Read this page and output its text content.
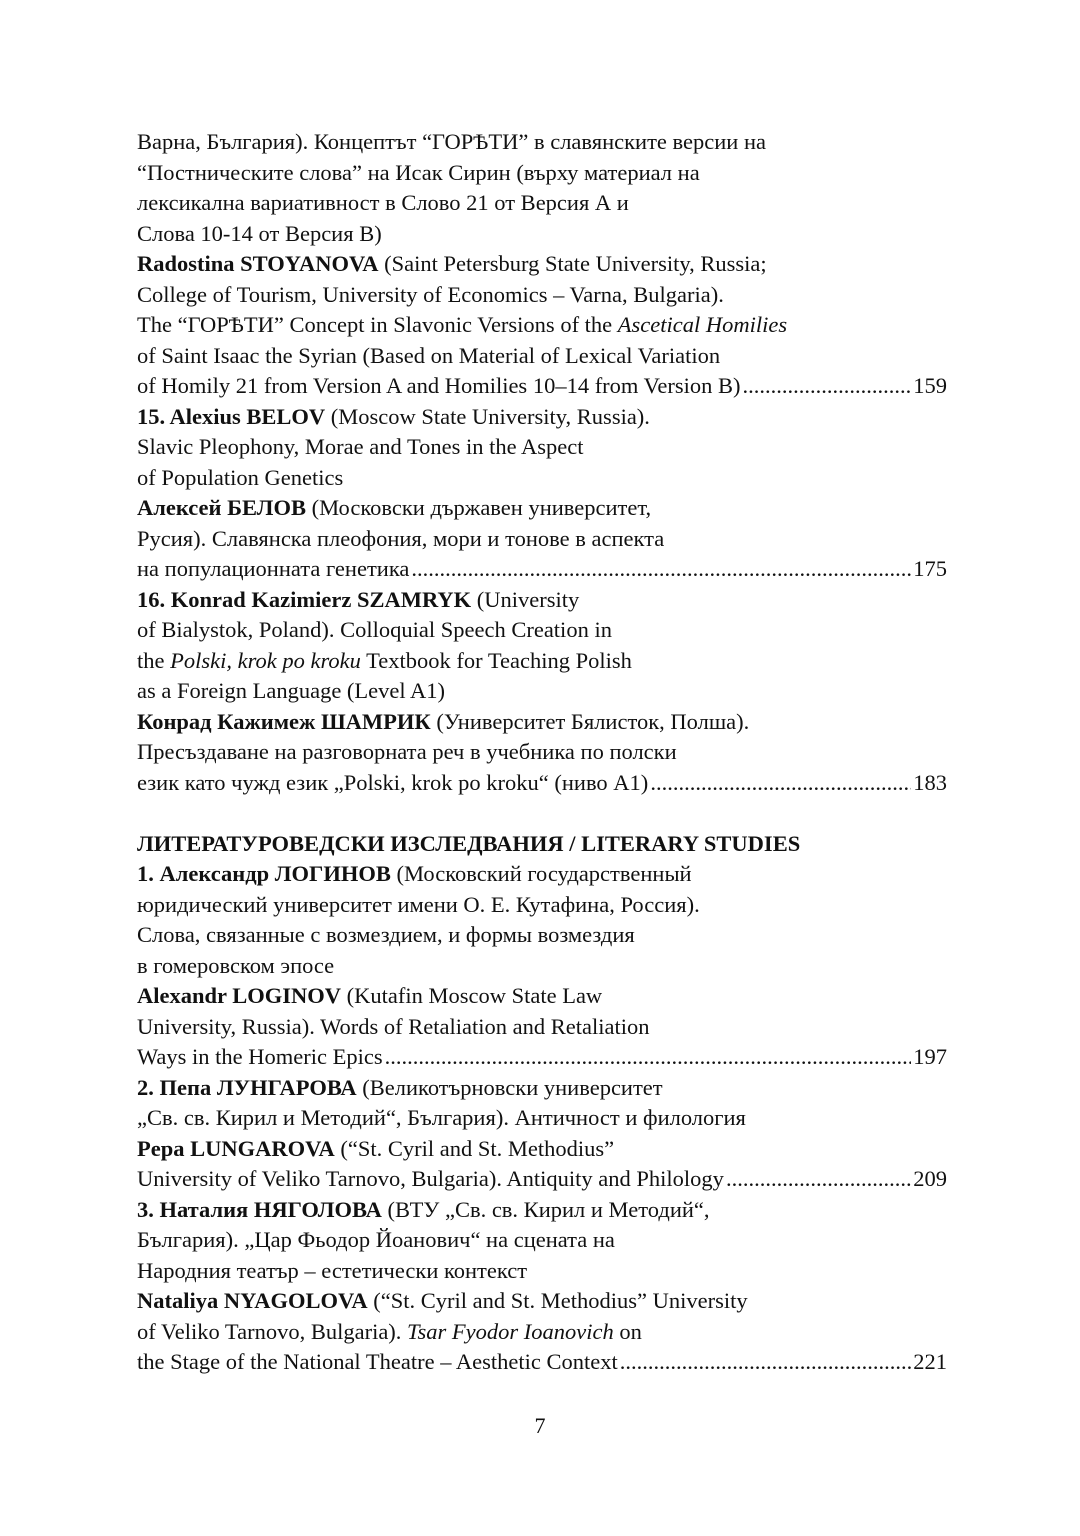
Варна, България). Концептът “ГОРѢТИ” в славянските версии на
“Постническите слова” на Исак Сирин (върху материал на
лексикална вариативност в Слово 21 от Версия А и
Слова 10-14 от Версия В)
Radostina STOYANOVA (Saint Petersburg State University, Russia;
College of Tourism, University of Economics – Varna, Bulgaria).
The “ГОРѢТИ” Concept in Slavonic Versions of the Ascetical Homilies
of Saint Isaac the Syrian (Based on Material of Lexical Variation
of Homily 21 from Version A and Homilies 10–14 from Version B) .....	159
15. Alexius BELOV (Moscow State University, Russia).
Slavic Pleophony, Morae and Tones in the Aspect
of Population Genetics
Алексей БЕЛОВ (Московски държавен университет,
Русия). Славянска плеофония, мори и тонове в аспекта
на популационната генетика .....	175
16. Konrad Kazimierz SZAMRYK (University
of Bialystok, Poland). Colloquial Speech Creation in
the Polski, krok po kroku Textbook for Teaching Polish
as a Foreign Language (Level A1)
Конрад Кажимеж ШАМРИК (Университет Бялисток, Полша).
Пресъздаване на разговорната реч в учебника по полски
език като чужд език „Polski, krok po kroku“ (ниво А1) .....	183
ЛИТЕРАТУРОВЕДСКИ ИЗСЛЕДВАНИЯ / LITERARY STUDIES
1. Александр ЛОГИНОВ (Московский государственный
юридический университет имени О. Е. Кутафина, Россия).
Слова, связанные с возмездием, и формы возмездия
в гомеровском эпосе
Alexandr LOGINOV (Kutafin Moscow State Law
University, Russia). Words of Retaliation and Retaliation
Ways in the Homeric Epics .....	197
2. Пепа ЛУНГАРОВА (Великотърновски университет
„Св. св. Кирил и Методий“, България). Античност и филология
Pepa LUNGAROVA (“St. Cyril and St. Methodius”
University of Veliko Tarnovo, Bulgaria). Antiquity and Philology .....	209
3. Наталия НЯГОЛОВА (ВТУ „Св. св. Кирил и Методий“,
България). „Цар Фьодор Йоанович“ на сцената на
Народния театър – естетически контекст
Nataliya NYAGOLOVA (“St. Cyril and St. Methodius” University
of Veliko Tarnovo, Bulgaria). Tsar Fyodor Ioanovich on
the Stage of the National Theatre – Aesthetic Context .....	221
7
